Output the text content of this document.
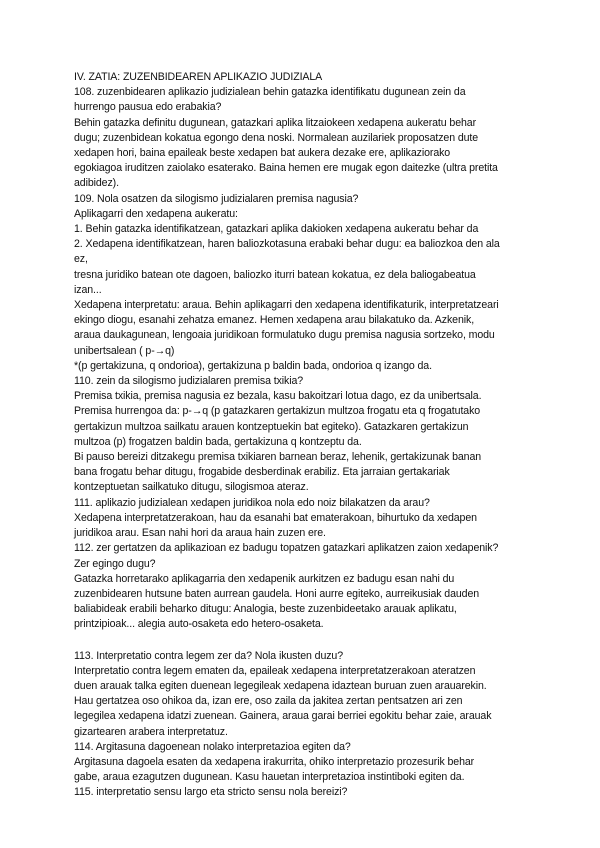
IV. ZATIA: ZUZENBIDEAREN APLIKAZIO JUDIZIALA
108. zuzenbidearen aplikazio judizialean behin gatazka identifikatu dugunean zein da
hurrengo pausua edo erabakia?
Behin gatazka definitu dugunean, gatazkari aplika litzaiokeen xedapena aukeratu behar
dugu; zuzenbidean kokatua egongo dena noski. Normalean auzilariek proposatzen dute
xedapen hori, baina epaileak beste xedapen bat aukera dezake ere, aplikaziorako
egokiagoa iruditzen zaiolako esaterako. Baina hemen ere mugak egon daitezke (ultra pretita
adibidez).
109. Nola osatzen da silogismo judizialaren premisa nagusia?
Aplikagarri den xedapena aukeratu:
1. Behin gatazka identifikatzean, gatazkari aplika dakioken xedapena aukeratu behar da
2. Xedapena identifikatzean, haren baliozkotasuna erabaki behar dugu: ea baliozkoa den ala
ez,
tresna juridiko batean ote dagoen, baliozko iturri batean kokatua, ez dela baliogabeatua
izan...
Xedapena interpretatu: araua. Behin aplikagarri den xedapena identifikaturik, interpretatzeari
ekingo diogu, esanahi zehatza emanez. Hemen xedapena arau bilakatuko da. Azkenik,
araua daukagunean, lengoaia juridikoan formulatuko dugu premisa nagusia sortzeko, modu
unibertsalean ( p-→q)
*(p gertakizuna, q ondorioa), gertakizuna p baldin bada, ondorioa q izango da.
110. zein da silogismo judizialaren premisa txikia?
Premisa txikia, premisa nagusia ez bezala, kasu bakoitzari lotua dago, ez da unibertsala.
Premisa hurrengoa da: p-→q (p gatazkaren gertakizun multzoa frogatu eta q frogatutako
gertakizun multzoa sailkatu arauen kontzeptuekin bat egiteko). Gatazkaren gertakizun
multzoa (p) frogatzen baldin bada, gertakizuna q kontzeptu da.
Bi pauso bereizi ditzakegu premisa txikiaren barnean beraz, lehenik, gertakizunak banan
bana frogatu behar ditugu, frogabide desberdinak erabiliz. Eta jarraian gertakariak
kontzeptuetan sailkatuko ditugu, silogismoa ateraz.
111. aplikazio judizialean xedapen juridikoa nola edo noiz bilakatzen da arau?
Xedapena interpretatzerakoan, hau da esanahi bat ematerakoan, bihurtuko da xedapen
juridikoa arau. Esan nahi hori da araua hain zuzen ere.
112. zer gertatzen da aplikazioan ez badugu topatzen gatazkari aplikatzen zaion xedapenik?
Zer egingo dugu?
Gatazka horretarako aplikagarria den xedapenik aurkitzen ez badugu esan nahi du
zuzenbidearen hutsune baten aurrean gaudela. Honi aurre egiteko, aurreikusiak dauden
baliabideak erabili beharko ditugu: Analogia, beste zuzenbideetako arauak aplikatu,
printzipioak... alegia auto-osaketa edo hetero-osaketa.
113. Interpretatio contra legem zer da? Nola ikusten duzu?
Interpretatio contra legem ematen da, epaileak xedapena interpretatzerakoan ateratzen
duen arauak talka egiten duenean legegileak xedapena idaztean buruan zuen arauarekin.
Hau gertatzea oso ohikoa da, izan ere, oso zaila da jakitea zertan pentsatzen ari zen
legegilea xedapena idatzi zuenean. Gainera, araua garai berriei egokitu behar zaie, arauak
gizartearen arabera interpretatuz.
114. Argitasuna dagoenean nolako interpretazioa egiten da?
Argitasuna dagoela esaten da xedapena irakurrita, ohiko interpretazio prozesurik behar
gabe, araua ezagutzen dugunean. Kasu hauetan interpretazioa instintiboki egiten da.
115. interpretatio sensu largo eta stricto sensu nola bereizi?
